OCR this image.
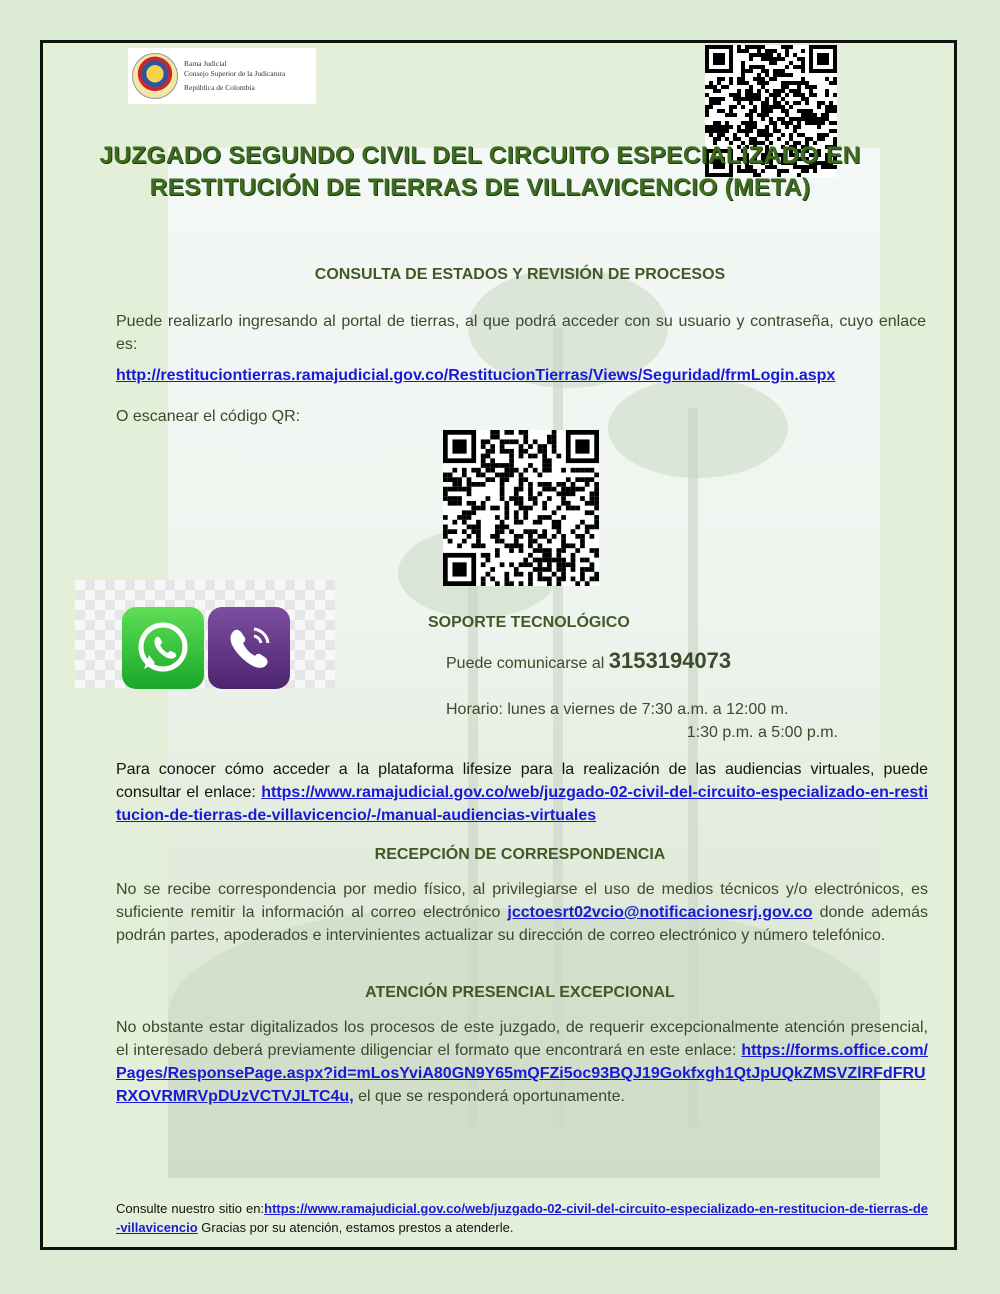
Rama Judicial
Consejo Superior de la Judicatura
República de Colombia
JUZGADO SEGUNDO CIVIL DEL CIRCUITO ESPECIALIZADO EN
RESTITUCIÓN DE TIERRAS DE VILLAVICENCIO (META)
CONSULTA DE ESTADOS Y REVISIÓN DE PROCESOS
Puede realizarlo ingresando al portal de tierras, al que podrá acceder con su usuario y contraseña, cuyo enlace es:
http://restituciontierras.ramajudicial.gov.co/RestitucionTierras/Views/Seguridad/frmLogin.aspx
O escanear el código QR:
SOPORTE TECNOLÓGICO
Puede comunicarse al 3153194073
Horario: lunes a viernes de 7:30 a.m. a 12:00 m.
1:30 p.m. a 5:00 p.m.
Para conocer cómo acceder a la plataforma lifesize para la realización de las audiencias virtuales, puede consultar el enlace: https://www.ramajudicial.gov.co/web/juzgado-02-civil-del-circuito-especializado-en-restitucion-de-tierras-de-villavicencio/-/manual-audiencias-virtuales
RECEPCIÓN DE CORRESPONDENCIA
No se recibe correspondencia por medio físico, al privilegiarse el uso de medios técnicos y/o electrónicos, es suficiente remitir la información al correo electrónico jcctoesrt02vcio@notificacionesrj.gov.co donde además podrán partes, apoderados e intervinientes actualizar su dirección de correo electrónico y número telefónico.
ATENCIÓN PRESENCIAL EXCEPCIONAL
No obstante estar digitalizados los procesos de este juzgado, de requerir excepcionalmente atención presencial, el interesado deberá previamente diligenciar el formato que encontrará en este enlace: https://forms.office.com/Pages/ResponsePage.aspx?id=mLosYviA80GN9Y65mQFZi5oc93BQJ19Gokfxgh1QtJpUQkZMSVZlRFdFRURXOVRMRVpDUzVCTVJLTC4u, el que se responderá oportunamente.
Consulte nuestro sitio en:https://www.ramajudicial.gov.co/web/juzgado-02-civil-del-circuito-especializado-en-restitucion-de-tierras-de-villavicencio Gracias por su atención, estamos prestos a atenderle.
